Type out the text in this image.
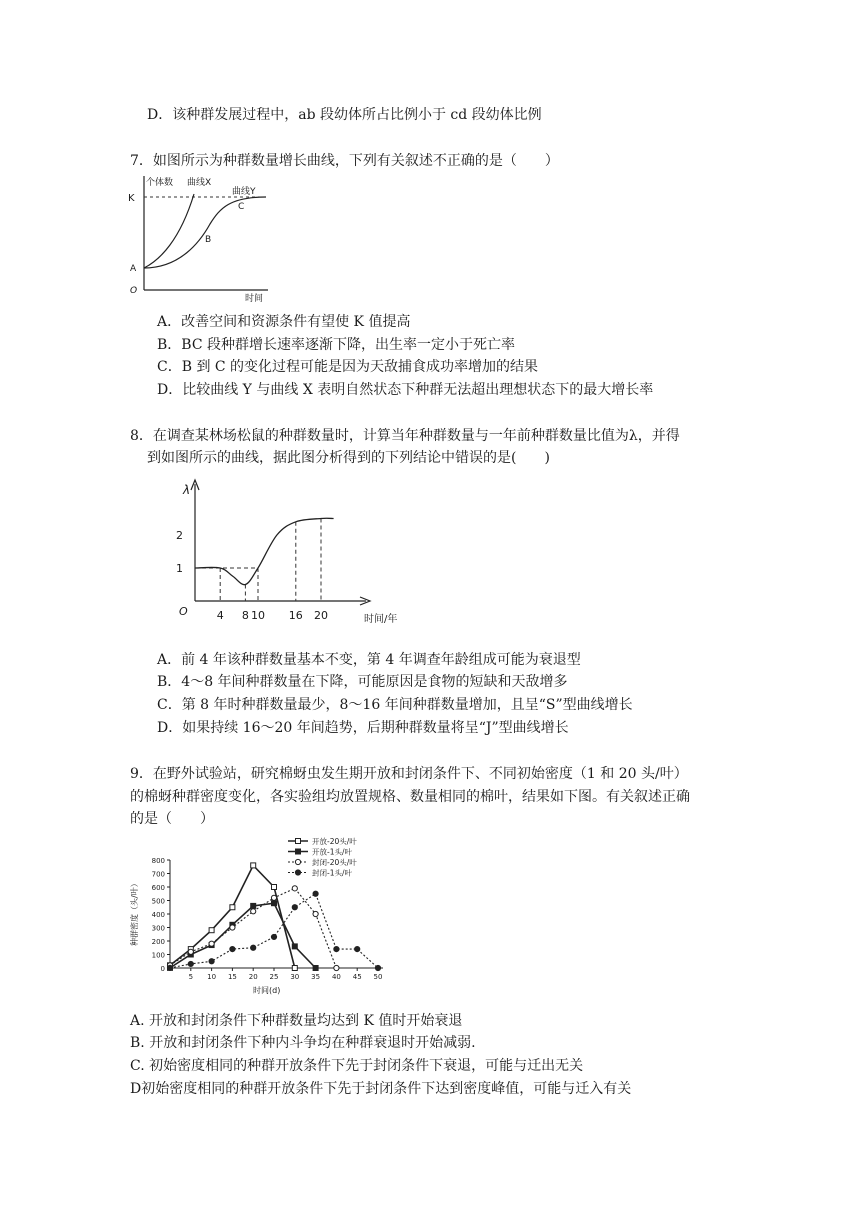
D．该种群发展过程中，ab 段幼体所占比例小于 cd 段幼体比例
7．如图所示为种群数量增长曲线，下列有关叙述不正确的是（　　）
个体数 曲线X
曲线Y
K
A
B
C
O
时间
A．改善空间和资源条件有望使 K 值提高
B．BC 段种群增长速率逐渐下降，出生率一定小于死亡率
C．B 到 C 的变化过程可能是因为天敌捕食成功率增加的结果
D．比较曲线 Y 与曲线 X 表明自然状态下种群无法超出理想状态下的最大增长率
8．在调查某林场松鼠的种群数量时，计算当年种群数量与一年前种群数量比值为λ，并得
到如图所示的曲线，据此图分析得到的下列结论中错误的是(　　)
4 8 10 16 20
1
2
λ
O
时间/年
A．前 4 年该种群数量基本不变，第 4 年调查年龄组成可能为衰退型
B．4～8 年间种群数量在下降，可能原因是食物的短缺和天敌增多
C．第 8 年时种群数量最少，8～16 年间种群数量增加，且呈“S”型曲线增长
D．如果持续 16～20 年间趋势，后期种群数量将呈“J”型曲线增长
9．在野外试验站，研究棉蚜虫发生期开放和封闭条件下、不同初始密度（1 和 20 头/叶）
的棉蚜种群密度变化，各实验组均放置规格、数量相同的棉叶，结果如下图。有关叙述正确
的是（　　）
0
100
200
300
400
500
600
700
800
5 10 15 20 25 30 35 40 45 50
开放-20头/叶
开放-1头/叶
封闭-20头/叶
封闭-1头/叶
时间(d)
种群密度（头/叶）
A. 开放和封闭条件下种群数量均达到 K 值时开始衰退
B. 开放和封闭条件下种内斗争均在种群衰退时开始减弱.
C. 初始密度相同的种群开放条件下先于封闭条件下衰退，可能与迁出无关
D初始密度相同的种群开放条件下先于封闭条件下达到密度峰值，可能与迁入有关
